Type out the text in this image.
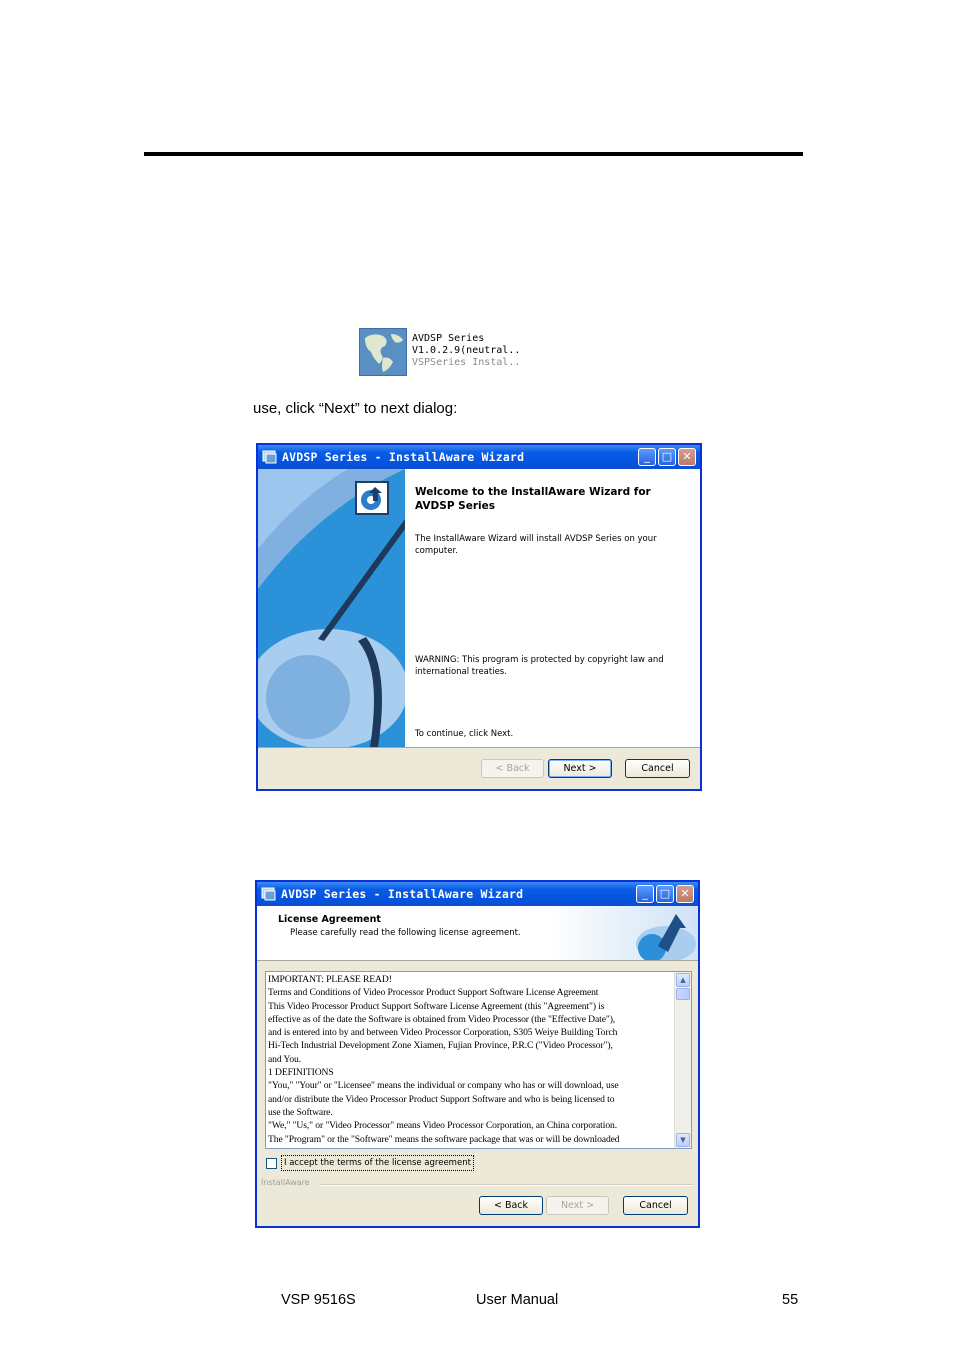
AVDSP Series
V1.0.2.9(neutral..
VSPSeries Instal..
use, click “Next” to next dialog:
AVDSP Series - InstallAware Wizard	_	□ ✕
Welcome to the InstallAware Wizard for AVDSP Series
The InstallAware Wizard will install AVDSP Series on your computer.
WARNING: This program is protected by copyright law and international treaties.
To continue, click Next.
< Back	Next >	Cancel
AVDSP Series - InstallAware Wizard	_	□ ✕
License Agreement
Please carefully read the following license agreement.
IMPORTANT: PLEASE READ!
Terms and Conditions of Video Processor Product Support Software License Agreement
This Video Processor Product Support Software License Agreement (this "Agreement") is
effective as of the date the Software is obtained from Video Processor (the "Effective Date"),
and is entered into by and between Video Processor Corporation, S305 Weiye Building Torch
Hi-Tech Industrial Development Zone Xiamen, Fujian Province, P.R.C ("Video Processor"),
and You.
1 DEFINITIONS
"You," "Your" or "Licensee" means the individual or company who has or will download, use
and/or distribute the Video Processor Product Support Software and who is being licensed to
use the Software.
"We," "Us," or "Video Processor" means Video Processor Corporation, an China corporation.
The "Program" or the "Software" means the software package that was or will be downloaded
▲
▼
I accept the terms of the license agreement
InstallAware
< Back	Next >	Cancel
VSP 9516S	User Manual	55
